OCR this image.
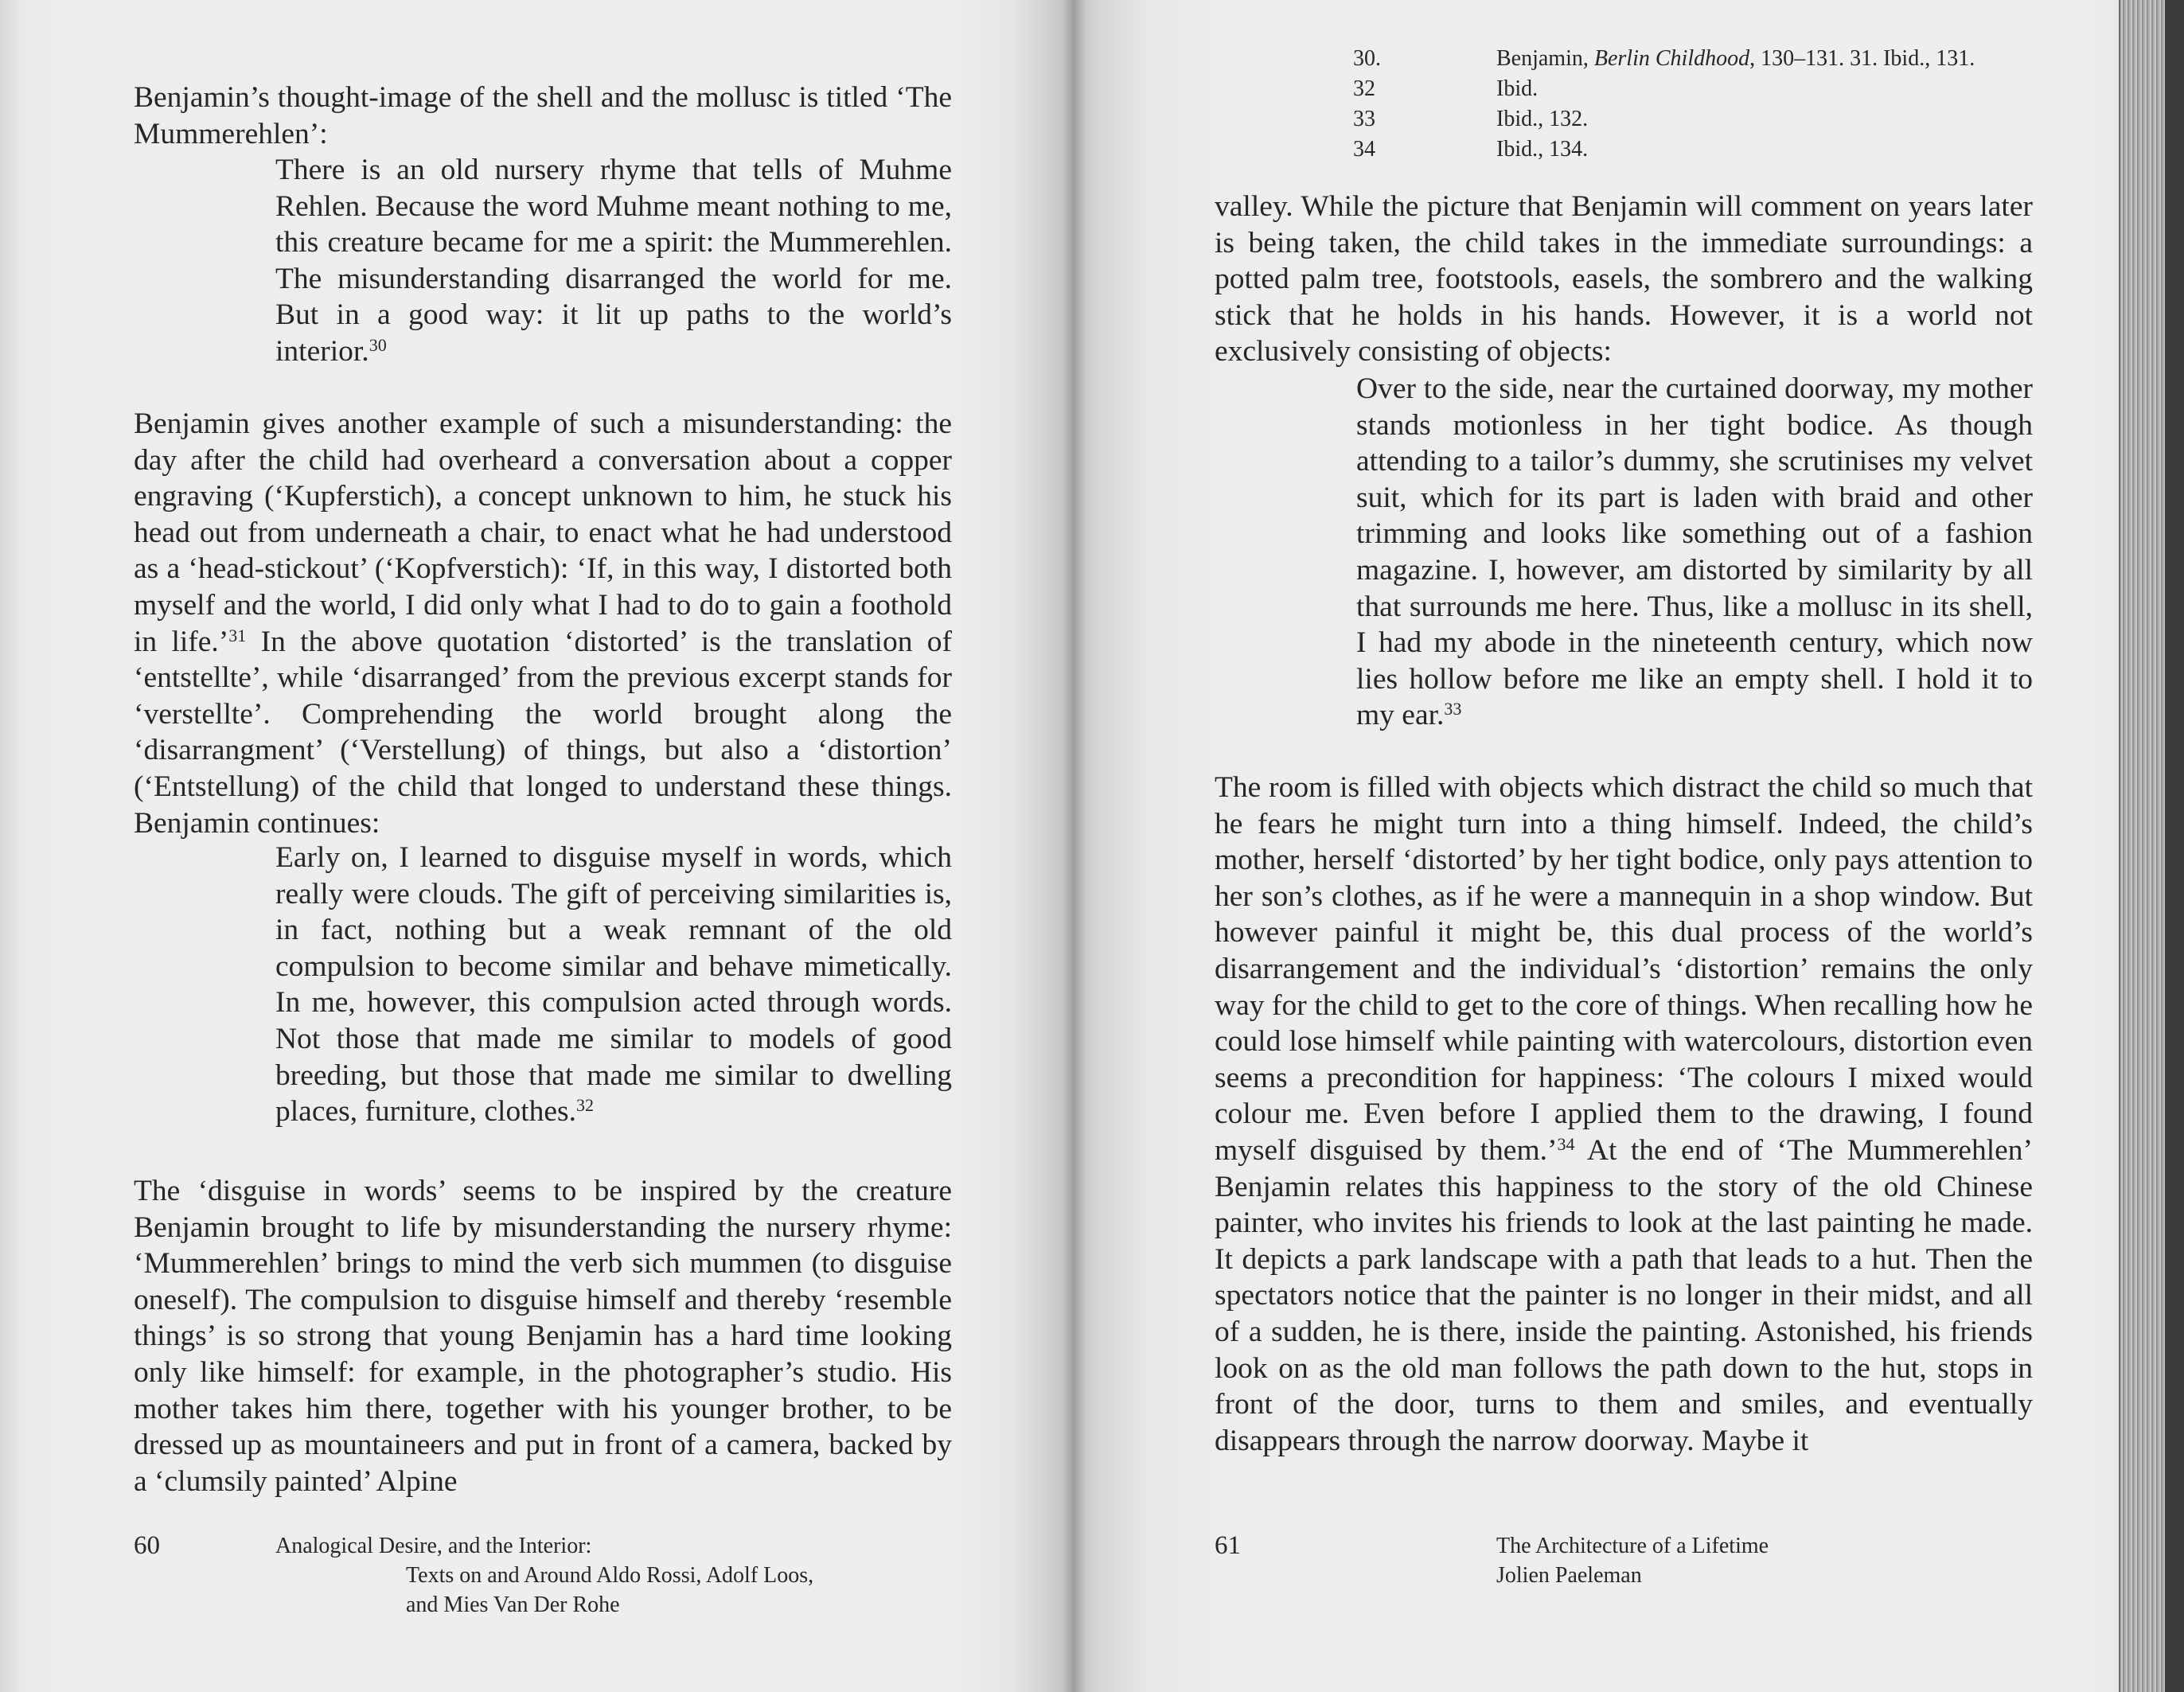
Benjamin’s thought-image of the shell and the mollusc is titled ‘The Mummerehlen’:

There is an old nursery rhyme that tells of Muhme Rehlen. Because the word Muhme meant nothing to me, this creature became for me a spirit: the Mummerehlen. The misunderstanding disarranged the world for me. But in a good way: it lit up paths to the world’s interior.$^{30}$

Benjamin gives another example of such a misunderstanding: the day after the child had overheard a conversation about a copper engraving (‘Kupferstich), a concept unknown to him, he stuck his head out from underneath a chair, to enact what he had understood as a ‘head-stickout’ (‘Kopfverstich): ‘If, in this way, I distorted both myself and the world, I did only what I had to do to gain a foothold in life.’$^{31}$ In the above quotation ‘distorted’ is the translation of ‘entstellte’, while ‘disarranged’ from the previous excerpt stands for ‘verstellte’. Comprehending the world brought along the ‘disarrangment’ (‘Verstellung) of things, but also a ‘distortion’ (‘Entstellung) of the child that longed to understand these things. Benjamin continues:

Early on, I learned to disguise myself in words, which really were clouds. The gift of perceiving similarities is, in fact, nothing but a weak remnant of the old compulsion to become similar and behave mimetically. In me, however, this compulsion acted through words. Not those that made me similar to models of good breeding, but those that made me similar to dwelling places, furniture, clothes.$^{32}$

The ‘disguise in words’ seems to be inspired by the creature Benjamin brought to life by misunderstanding the nursery rhyme: ‘Mummerehlen’ brings to mind the verb sich mummen (to disguise oneself). The compulsion to disguise himself and thereby ‘resemble things’ is so strong that young Benjamin has a hard time looking only like himself: for example, in the photographer’s studio. His mother takes him there, together with his younger brother, to be dressed up as mountaineers and put in front of a camera, backed by a ‘clumsily painted’ Alpine

60	Analogical Desire, and the Interior:

Texts on and Around Aldo Rossi, Adolf Loos,

and Mies Van Der Rohe

30.	Benjamin, Berlin Childhood, 130–131. 31. Ibid., 131.
32	Ibid.
33	Ibid., 132.
34	Ibid., 134.

valley. While the picture that Benjamin will comment on years later is being taken, the child takes in the immediate surroundings: a potted palm tree, footstools, easels, the sombrero and the walking stick that he holds in his hands. However, it is a world not exclusively consisting of objects:

Over to the side, near the curtained doorway, my mother stands motionless in her tight bodice. As though attending to a tailor’s dummy, she scrutinises my velvet suit, which for its part is laden with braid and other trimming and looks like something out of a fashion magazine. I, however, am distorted by similarity by all that surrounds me here. Thus, like a mollusc in its shell, I had my abode in the nineteenth century, which now lies hollow before me like an empty shell. I hold it to my ear.$^{33}$

The room is filled with objects which distract the child so much that he fears he might turn into a thing himself. Indeed, the child’s mother, herself ‘distorted’ by her tight bodice, only pays attention to her son’s clothes, as if he were a mannequin in a shop window. But however painful it might be, this dual process of the world’s disarrangement and the individual’s ‘distortion’ remains the only way for the child to get to the core of things. When recalling how he could lose himself while painting with watercolours, distortion even seems a precondition for happiness: ‘The colours I mixed would colour me. Even before I applied them to the drawing, I found myself disguised by them.’$^{34}$ At the end of ‘The Mummerehlen’ Benjamin relates this happiness to the story of the old Chinese painter, who invites his friends to look at the last painting he made. It depicts a park landscape with a path that leads to a hut. Then the spectators notice that the painter is no longer in their midst, and all of a sudden, he is there, inside the painting. Astonished, his friends look on as the old man follows the path down to the hut, stops in front of the door, turns to them and smiles, and eventually disappears through the narrow doorway. Maybe it

61	The Architecture of a Lifetime

Jolien Paeleman
